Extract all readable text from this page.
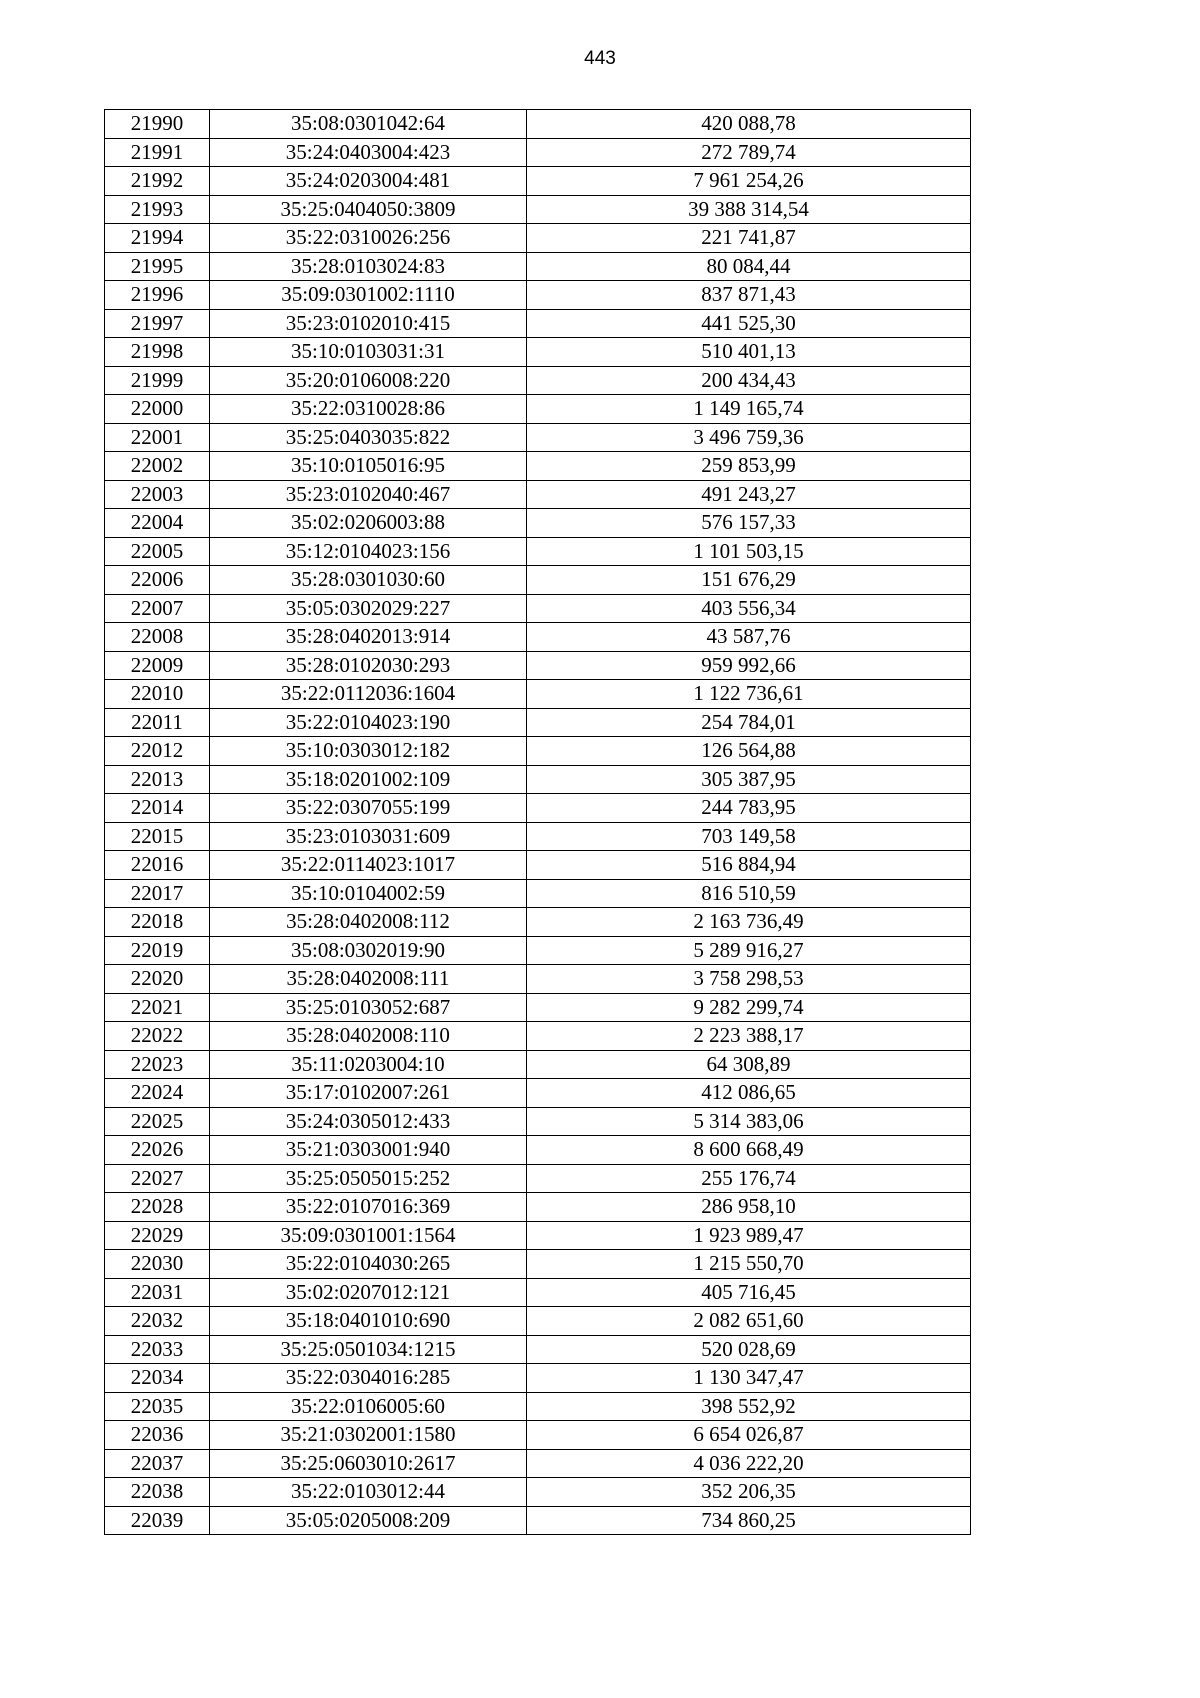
443
21990	35:08:0301042:64	420 088,78
21991	35:24:0403004:423	272 789,74
21992	35:24:0203004:481	7 961 254,26
21993	35:25:0404050:3809	39 388 314,54
21994	35:22:0310026:256	221 741,87
21995	35:28:0103024:83	80 084,44
21996	35:09:0301002:1110	837 871,43
21997	35:23:0102010:415	441 525,30
21998	35:10:0103031:31	510 401,13
21999	35:20:0106008:220	200 434,43
22000	35:22:0310028:86	1 149 165,74
22001	35:25:0403035:822	3 496 759,36
22002	35:10:0105016:95	259 853,99
22003	35:23:0102040:467	491 243,27
22004	35:02:0206003:88	576 157,33
22005	35:12:0104023:156	1 101 503,15
22006	35:28:0301030:60	151 676,29
22007	35:05:0302029:227	403 556,34
22008	35:28:0402013:914	43 587,76
22009	35:28:0102030:293	959 992,66
22010	35:22:0112036:1604	1 122 736,61
22011	35:22:0104023:190	254 784,01
22012	35:10:0303012:182	126 564,88
22013	35:18:0201002:109	305 387,95
22014	35:22:0307055:199	244 783,95
22015	35:23:0103031:609	703 149,58
22016	35:22:0114023:1017	516 884,94
22017	35:10:0104002:59	816 510,59
22018	35:28:0402008:112	2 163 736,49
22019	35:08:0302019:90	5 289 916,27
22020	35:28:0402008:111	3 758 298,53
22021	35:25:0103052:687	9 282 299,74
22022	35:28:0402008:110	2 223 388,17
22023	35:11:0203004:10	64 308,89
22024	35:17:0102007:261	412 086,65
22025	35:24:0305012:433	5 314 383,06
22026	35:21:0303001:940	8 600 668,49
22027	35:25:0505015:252	255 176,74
22028	35:22:0107016:369	286 958,10
22029	35:09:0301001:1564	1 923 989,47
22030	35:22:0104030:265	1 215 550,70
22031	35:02:0207012:121	405 716,45
22032	35:18:0401010:690	2 082 651,60
22033	35:25:0501034:1215	520 028,69
22034	35:22:0304016:285	1 130 347,47
22035	35:22:0106005:60	398 552,92
22036	35:21:0302001:1580	6 654 026,87
22037	35:25:0603010:2617	4 036 222,20
22038	35:22:0103012:44	352 206,35
22039	35:05:0205008:209	734 860,25
